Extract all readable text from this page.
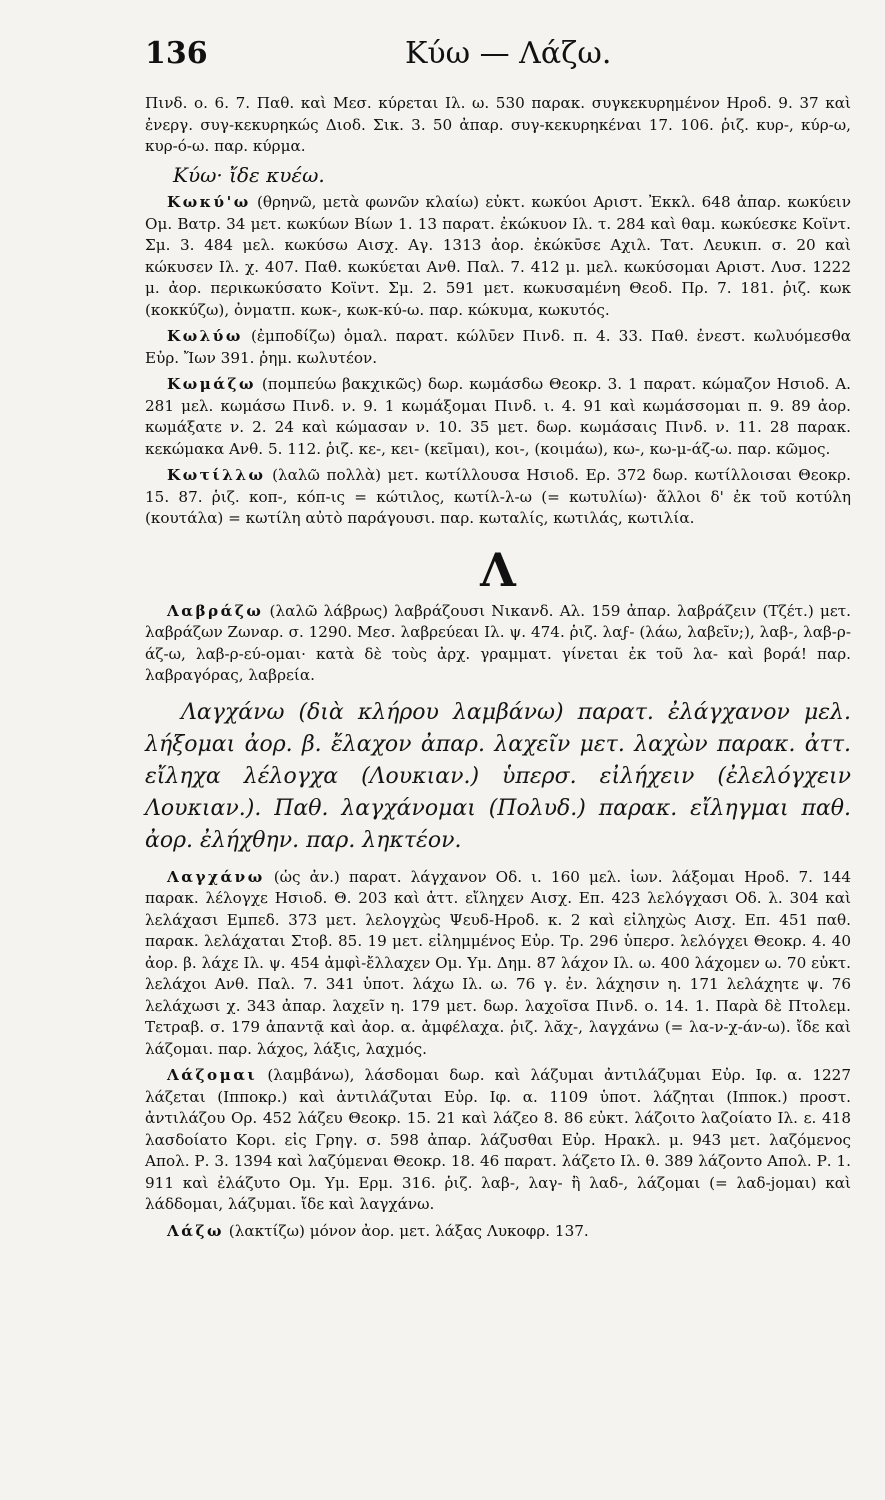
136	Κύω — Λάζω.

Πινδ. ο. 6. 7. Παθ. καὶ Μεσ. κύρεται Ιλ. ω. 530 παρακ. συγκεκυρημένον Ηροδ. 9. 37 καὶ ἐνεργ. συγ-κεκυρηκώς Διοδ. Σικ. 3. 50 ἀπαρ. συγ-κεκυρηκέναι 17. 106. ῥιζ. κυρ-, κύρ-ω, κυρ-ό-ω. παρ. κύρμα.

Κύω· ἴδε κυέω.

Κωκύ'ω (θρηνῶ, μετὰ φωνῶν κλαίω) εὐκτ. κωκύοι Αριστ. Ἐκκλ. 648 ἀπαρ. κωκύειν Ομ. Βατρ. 34 μετ. κωκύων Βίων 1. 13 παρατ. ἐκώκυον Ιλ. τ. 284 καὶ θαμ. κωκύεσκε Κοϊντ. Σμ. 3. 484 μελ. κωκύσω Αισχ. Αγ. 1313 ἀορ. ἐκώκῡσε Αχιλ. Τατ. Λευκιπ. σ. 20 καὶ κώκυσεν Ιλ. χ. 407. Παθ. κωκύεται Ανθ. Παλ. 7. 412 μ. μελ. κωκύσομαι Αριστ. Λυσ. 1222 μ. ἀορ. περικωκύσατο Κοϊντ. Σμ. 2. 591 μετ. κωκυσαμένη Θεοδ. Πρ. 7. 181. ῥιζ. κωκ (κοκκύζω), ὀνματπ. κωκ-, κωκ-κύ-ω. παρ. κώκυμα, κωκυτός.

Κωλύω (ἐμποδίζω) ὁμαλ. παρατ. κώλῡεν Πινδ. π. 4. 33. Παθ. ἐνεστ. κωλυόμεσθα Εὐρ. Ἴων 391. ῥημ. κωλυτέον.

Κωμάζω (πομπεύω βακχικῶς) δωρ. κωμάσδω Θεοκρ. 3. 1 παρατ. κώμαζον Ησιοδ. Α. 281 μελ. κωμάσω Πινδ. ν. 9. 1 κωμάξομαι Πινδ. ι. 4. 91 καὶ κωμάσσομαι π. 9. 89 ἀορ. κωμάξατε ν. 2. 24 καὶ κώμασαν ν. 10. 35 μετ. δωρ. κωμάσαις Πινδ. ν. 11. 28 παρακ. κεκώμακα Ανθ. 5. 112. ῥιζ. κε-, κει- (κεῖμαι), κοι-, (κοιμάω), κω-, κω-μ-άζ-ω. παρ. κῶμος.

Κωτίλλω (λαλῶ πολλὰ) μετ. κωτίλλουσα Ησιοδ. Ερ. 372 δωρ. κωτίλλοισαι Θεοκρ. 15. 87. ῥιζ. κοπ-, κόπ-ις = κώτιλος, κωτίλ-λ-ω (= κωτυλίω)· ἄλλοι δ' ἐκ τοῦ κοτύλη (κουτάλα) = κωτίλη αὐτὸ παράγουσι. παρ. κωταλίς, κωτιλάς, κωτιλία.

Λ

Λαβράζω (λαλῶ λάβρως) λαβράζουσι Νικανδ. Αλ. 159 ἀπαρ. λαβράζειν (Τζέτ.) μετ. λαβράζων Ζωναρ. σ. 1290. Μεσ. λαβρεύεαι Ιλ. ψ. 474. ῥιζ. λαϝ- (λάω, λαβεῖν;), λαβ-, λαβ-ρ-άζ-ω, λαβ-ρ-εύ-ομαι· κατὰ δὲ τοὺς ἀρχ. γραμματ. γίνεται ἐκ τοῦ λα- καὶ βορά! παρ. λαβραγόρας, λαβρεία.

Λαγχάνω (διὰ κλήρου λαμβάνω) παρατ. ἐλάγχανον μελ. λήξομαι ἀορ. β. ἔλαχον ἀπαρ. λαχεῖν μετ. λαχὼν παρακ. ἀττ. εἴληχα λέλογχα (Λουκιαν.) ὑπερσ. εἰλήχειν (ἐλελόγχειν Λουκιαν.). Παθ. λαγχάνομαι (Πολυδ.) παρακ. εἴληγμαι παθ. ἀορ. ἐλήχθην. παρ. ληκτέον.

Λαγχάνω (ὡς ἀν.) παρατ. λάγχανον Οδ. ι. 160 μελ. ἰων. λάξομαι Ηροδ. 7. 144 παρακ. λέλογχε Ησιοδ. Θ. 203 καὶ ἀττ. εἴληχεν Αισχ. Επ. 423 λελόγχασι Οδ. λ. 304 καὶ λελάχασι Εμπεδ. 373 μετ. λελογχὼς Ψευδ-Ηροδ. κ. 2 καὶ εἰληχὼς Αισχ. Επ. 451 παθ. παρακ. λελάχαται Στοβ. 85. 19 μετ. εἰλημμένος Εὐρ. Τρ. 296 ὑπερσ. λελόγχει Θεοκρ. 4. 40 ἀορ. β. λάχε Ιλ. ψ. 454 ἀμφὶ-ἔλλαχεν Ομ. Υμ. Δημ. 87 λάχον Ιλ. ω. 400 λάχομεν ω. 70 εὐκτ. λελάχοι Ανθ. Παλ. 7. 341 ὑποτ. λάχω Ιλ. ω. 76 γ. ἐν. λάχησιν η. 171 λελάχητε ψ. 76 λελάχωσι χ. 343 ἀπαρ. λαχεῖν η. 179 μετ. δωρ. λαχοῖσα Πινδ. ο. 14. 1. Παρὰ δὲ Πτολεμ. Τετραβ. σ. 179 ἀπαντᾷ καὶ ἀορ. α. ἀμφέλαχα. ῥιζ. λᾰχ-, λαγχάνω (= λα-ν-χ-άν-ω). ἴδε καὶ λάζομαι. παρ. λάχος, λάξις, λαχμός.

Λάζομαι (λαμβάνω), λάσδομαι δωρ. καὶ λάζυμαι ἀντιλάζυμαι Εὐρ. Ιφ. α. 1227 λάζεται (Ιπποκρ.) καὶ ἀντιλάζυται Εὐρ. Ιφ. α. 1109 ὑποτ. λάζηται (Ιπποκ.) προστ. ἀντιλάζου Ορ. 452 λάζευ Θεοκρ. 15. 21 καὶ λάζεο 8. 86 εὐκτ. λάζοιτο λαζοίατο Ιλ. ε. 418 λασδοίατο Κορι. εἰς Γρηγ. σ. 598 ἀπαρ. λάζυσθαι Εὐρ. Ηρακλ. μ. 943 μετ. λαζόμενος Απολ. Ρ. 3. 1394 καὶ λαζύμεναι Θεοκρ. 18. 46 παρατ. λάζετο Ιλ. θ. 389 λάζοντο Απολ. Ρ. 1. 911 καὶ ἐλάζυτο Ομ. Υμ. Ερμ. 316. ῥιζ. λαβ-, λαγ- ἢ λαδ-, λάζομαι (= λαδ-jομαι) καὶ λάδδομαι, λάζυμαι. ἴδε καὶ λαγχάνω.

Λάζω (λακτίζω) μόνον ἀορ. μετ. λάξας Λυκοφρ. 137.
